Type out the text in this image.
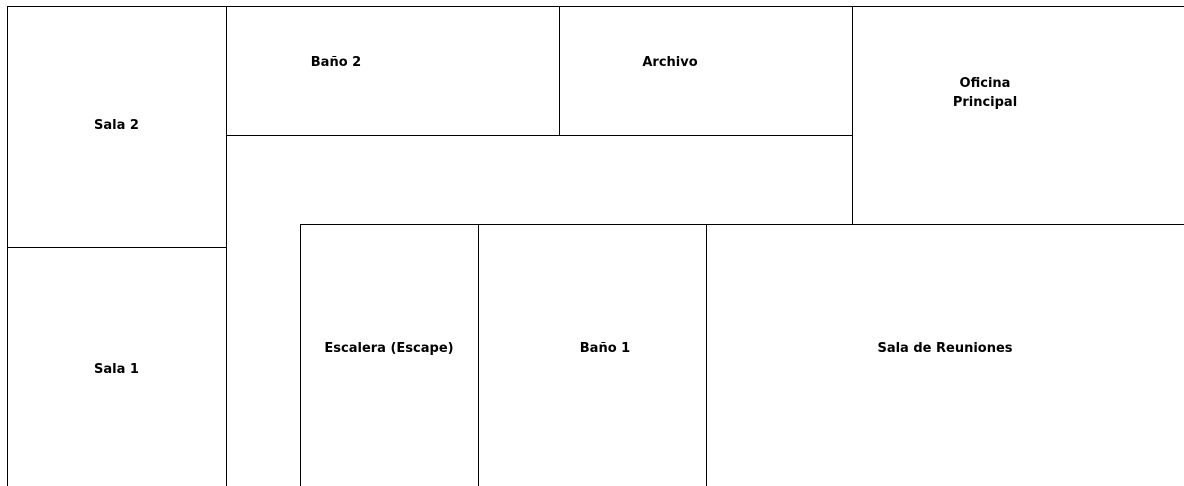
Sala 2
Sala 1
Baño 2	Archivo
Oficina
Principal
Escalera (Escape)	Baño 1	Sala de Reuniones
